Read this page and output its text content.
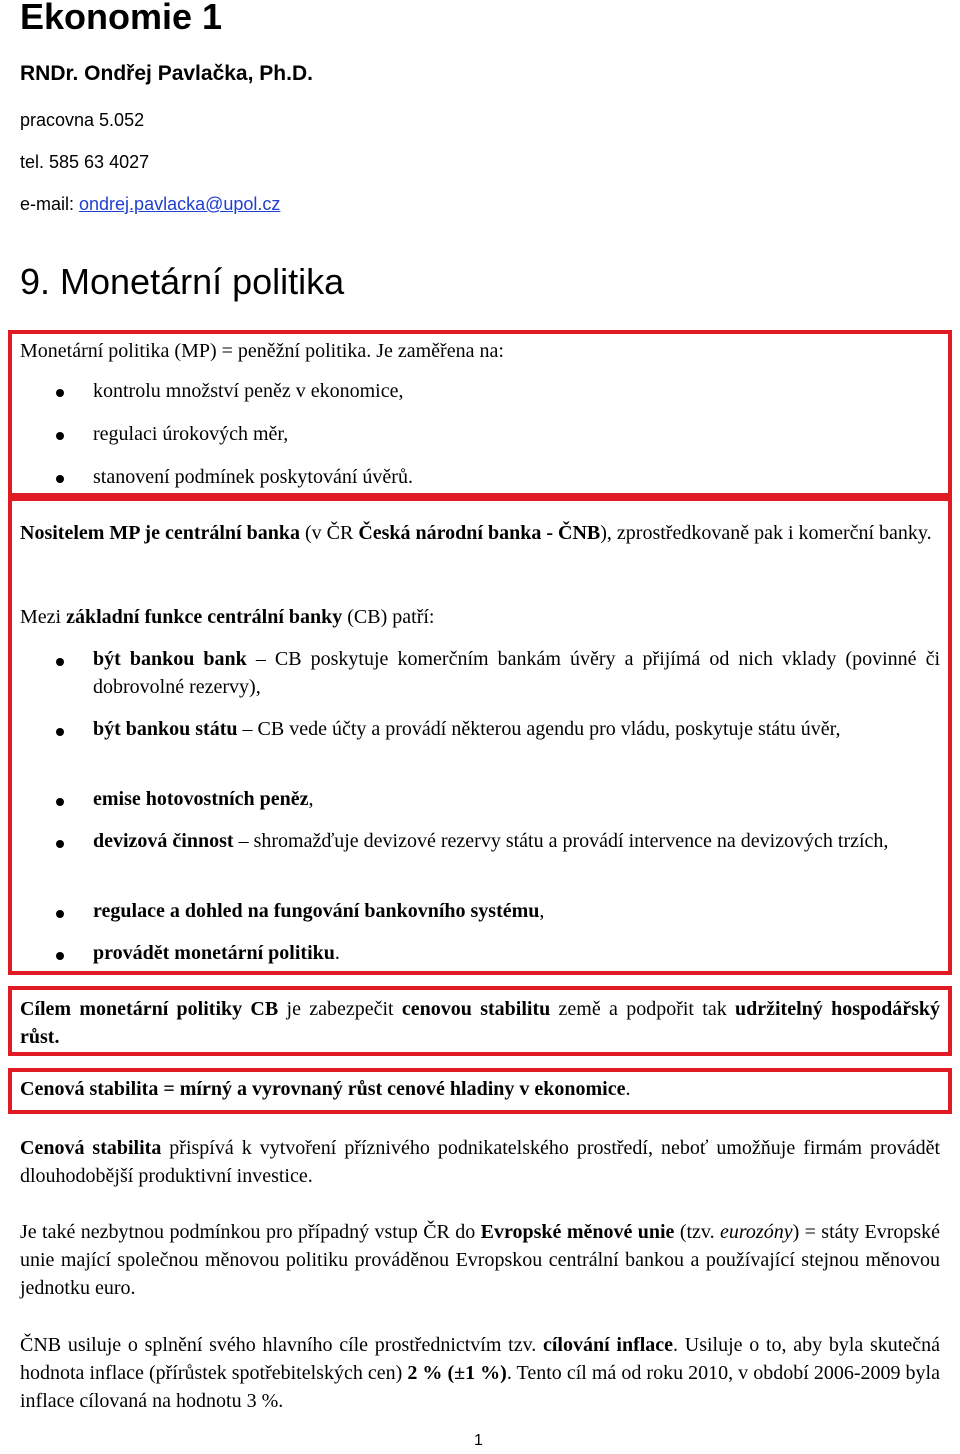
Ekonomie 1
RNDr. Ondřej Pavlačka, Ph.D.
pracovna 5.052
tel. 585 63 4027
e-mail: ondrej.pavlacka@upol.cz
9. Monetární politika
Monetární politika (MP) = peněžní politika. Je zaměřena na:
kontrolu množství peněz v ekonomice,
regulaci úrokových měr,
stanovení podmínek poskytování úvěrů.
Nositelem MP je centrální banka (v ČR Česká národní banka - ČNB), zprostředkovaně pak i komerční banky.
Mezi základní funkce centrální banky (CB) patří:
být bankou bank – CB poskytuje komerčním bankám úvěry a přijímá od nich vklady (povinné či dobrovolné rezervy),
být bankou státu – CB vede účty a provádí některou agendu pro vládu, poskytuje státu úvěr,
emise hotovostních peněz,
devizová činnost – shromažďuje devizové rezervy státu a provádí intervence na devizových trzích,
regulace a dohled na fungování bankovního systému,
provádět monetární politiku.
Cílem monetární politiky CB je zabezpečit cenovou stabilitu země a podpořit tak udržitelný hospodářský růst.
Cenová stabilita = mírný a vyrovnaný růst cenové hladiny v ekonomice.
Cenová stabilita přispívá k vytvoření příznivého podnikatelského prostředí, neboť umožňuje firmám provádět dlouhodobější produktivní investice.
Je také nezbytnou podmínkou pro případný vstup ČR do Evropské měnové unie (tzv. eurozóny) = státy Evropské unie mající společnou měnovou politiku prováděnou Evropskou centrální bankou a používající stejnou měnovou jednotku euro.
ČNB usiluje o splnění svého hlavního cíle prostřednictvím tzv. cílování inflace. Usiluje o to, aby byla skutečná hodnota inflace (přírůstek spotřebitelských cen) 2 % (±1 %). Tento cíl má od roku 2010, v období 2006-2009 byla inflace cílovaná na hodnotu 3 %.
1
